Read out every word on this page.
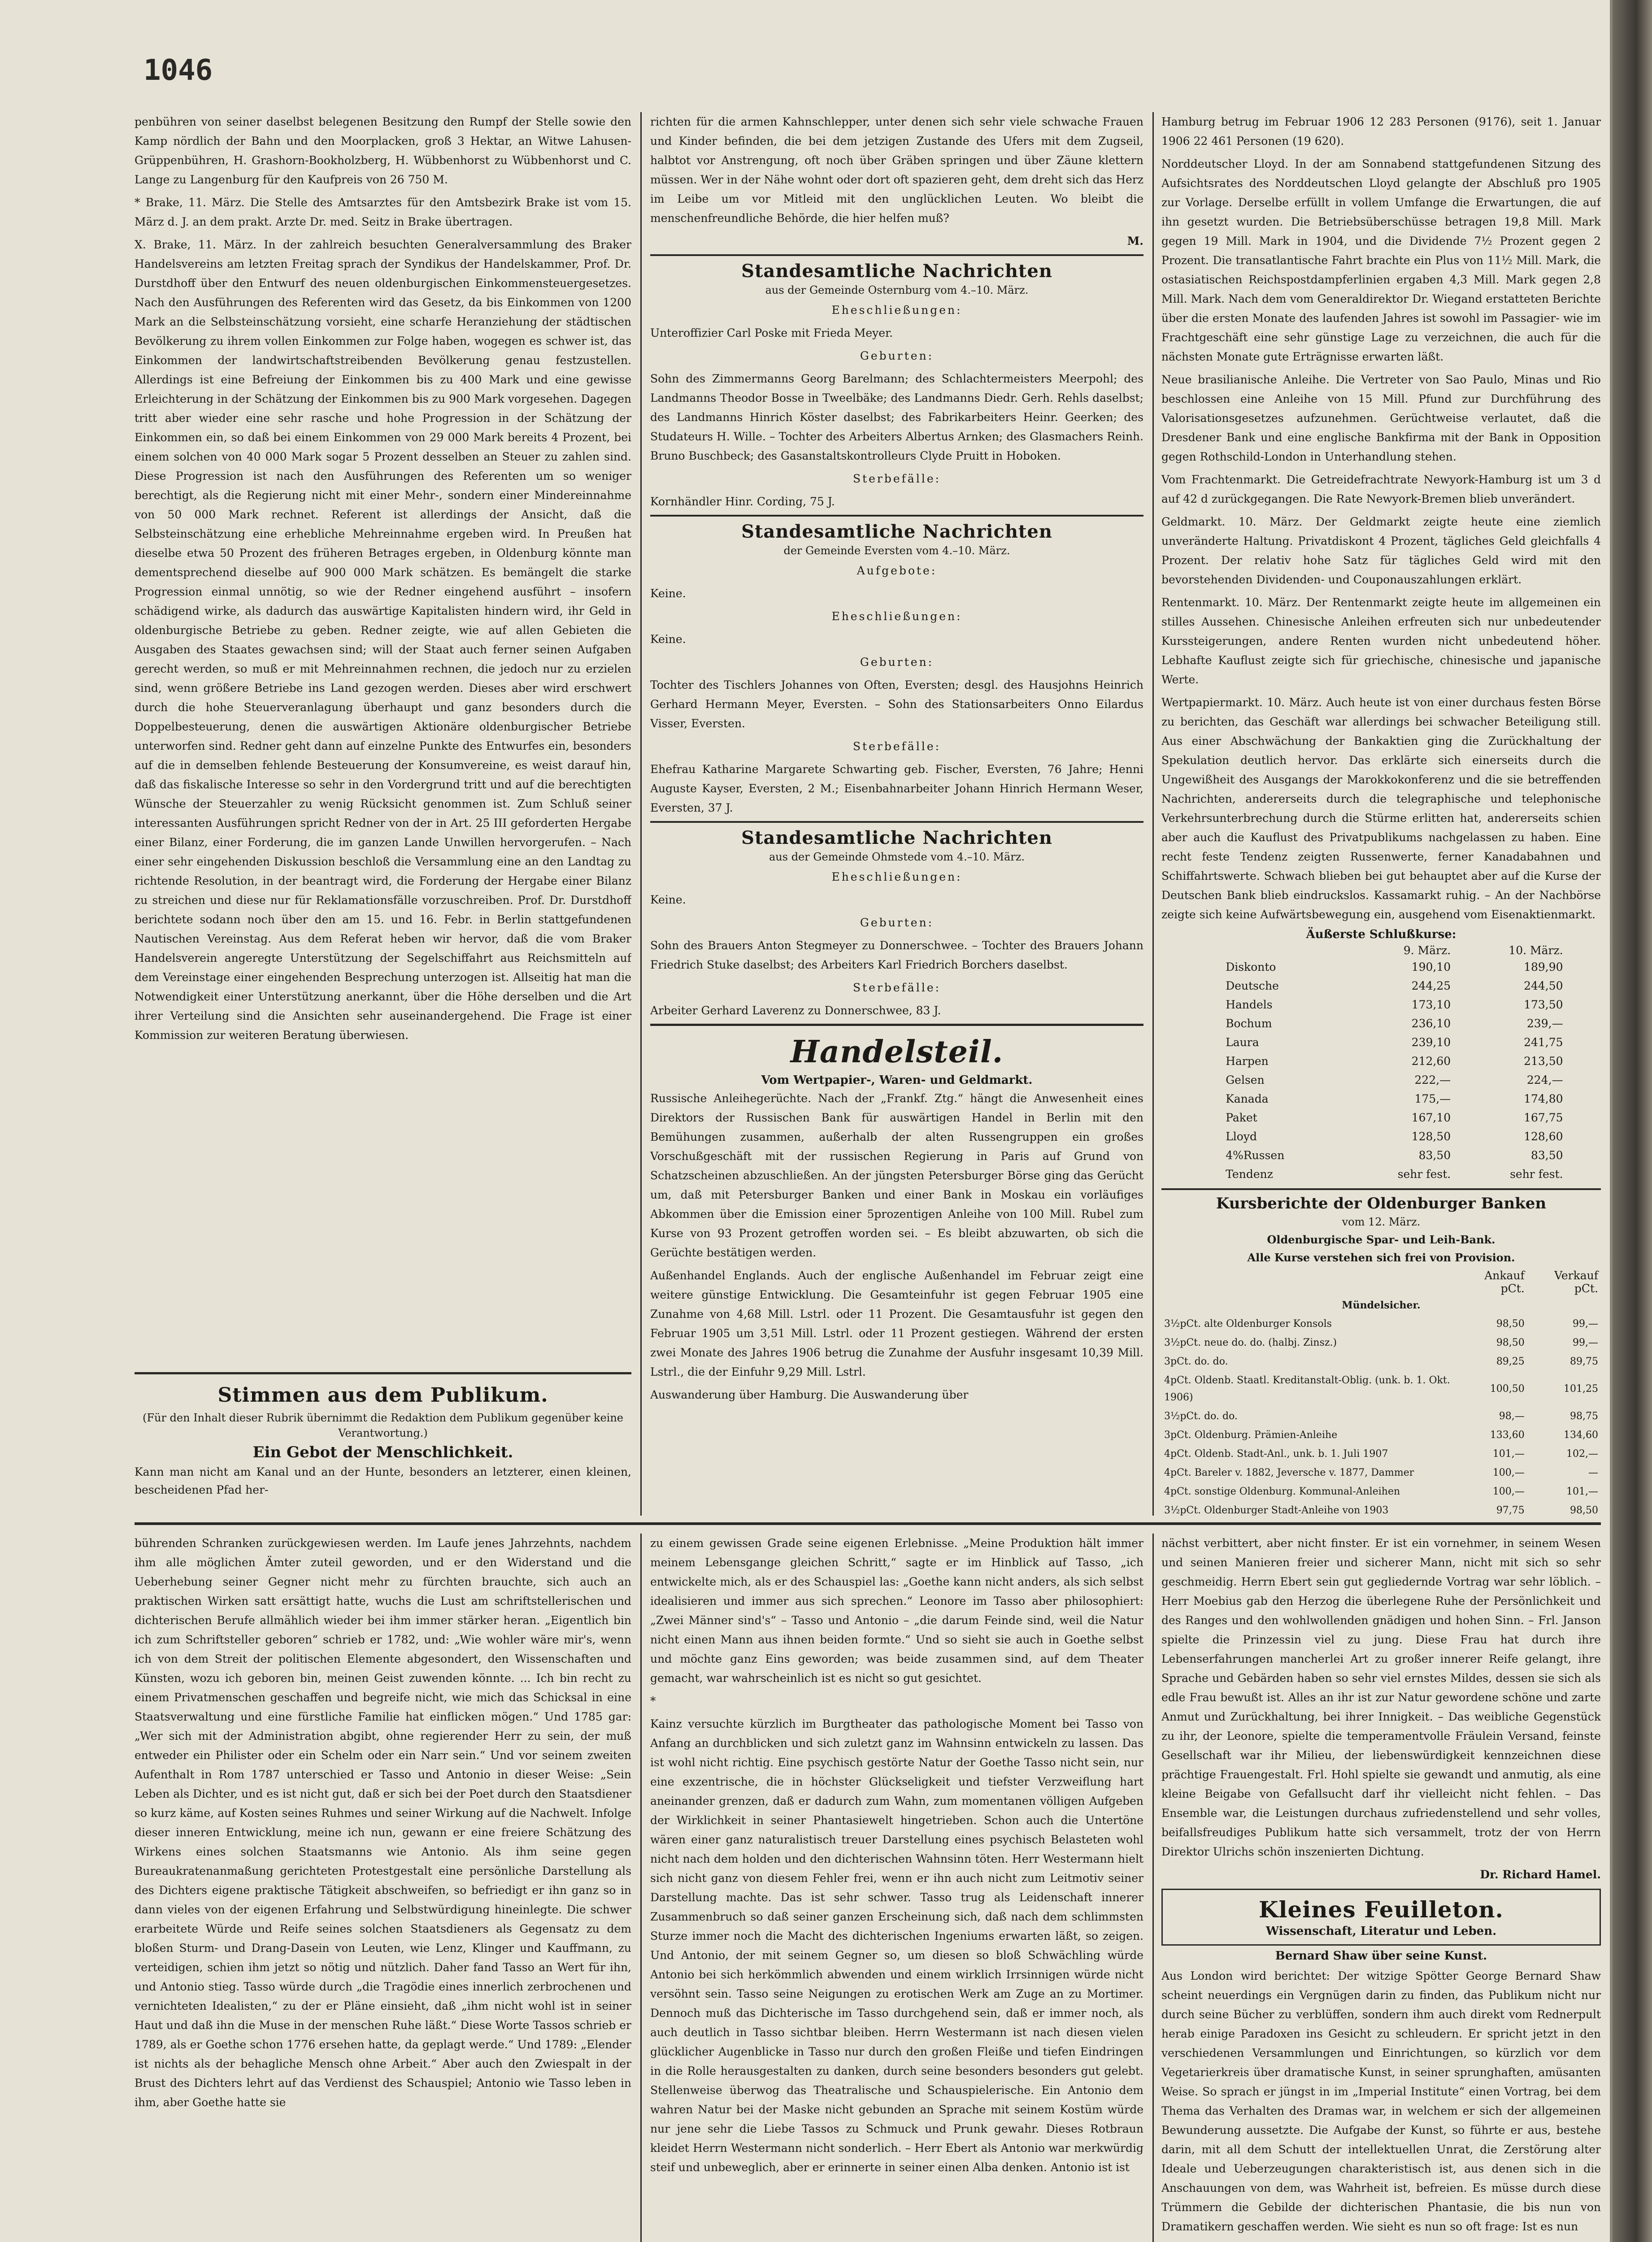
1046

penbühren von seiner daselbst belegenen Besitzung den Rumpf der Stelle sowie den Kamp nördlich der Bahn und den Moorplacken, groß 3 Hektar, an Witwe Lahusen-Grüppenbühren, H. Grashorn-Bookholzberg, H. Wübbenhorst zu Wübbenhorst und C. Lange zu Langenburg für den Kaufpreis von 26 750 M.

* Brake, 11. März. Die Stelle des Amtsarztes für den Amtsbezirk Brake ist vom 15. März d. J. an dem prakt. Arzte Dr. med. Seitz in Brake übertragen.

X. Brake, 11. März. In der zahlreich besuchten Generalversammlung des Braker Handelsvereins am letzten Freitag sprach der Syndikus der Handelskammer, Prof. Dr. Durstdhoff über den Entwurf des neuen oldenburgischen Einkommensteuergesetzes. Nach den Ausführungen des Referenten wird das Gesetz, da bis Einkommen von 1200 Mark an die Selbsteinschätzung vorsieht, eine scharfe Heranziehung der städtischen Bevölkerung zu ihrem vollen Einkommen zur Folge haben, wogegen es schwer ist, das Einkommen der landwirtschaftstreibenden Bevölkerung genau festzustellen. Allerdings ist eine Befreiung der Einkommen bis zu 400 Mark und eine gewisse Erleichterung in der Schätzung der Einkommen bis zu 900 Mark vorgesehen. Dagegen tritt aber wieder eine sehr rasche und hohe Progression in der Schätzung der Einkommen ein, so daß bei einem Einkommen von 29 000 Mark bereits 4 Prozent, bei einem solchen von 40 000 Mark sogar 5 Prozent desselben an Steuer zu zahlen sind. Diese Progression ist nach den Ausführungen des Referenten um so weniger berechtigt, als die Regierung nicht mit einer Mehr-, sondern einer Mindereinnahme von 50 000 Mark rechnet. Referent ist allerdings der Ansicht, daß die Selbsteinschätzung eine erhebliche Mehreinnahme ergeben wird. In Preußen hat dieselbe etwa 50 Prozent des früheren Betrages ergeben, in Oldenburg könnte man dementsprechend dieselbe auf 900 000 Mark schätzen. Es bemängelt die starke Progression einmal unnötig, so wie der Redner eingehend ausführt – insofern schädigend wirke, als dadurch das auswärtige Kapitalisten hindern wird, ihr Geld in oldenburgische Betriebe zu geben. Redner zeigte, wie auf allen Gebieten die Ausgaben des Staates gewachsen sind; will der Staat auch ferner seinen Aufgaben gerecht werden, so muß er mit Mehreinnahmen rechnen, die jedoch nur zu erzielen sind, wenn größere Betriebe ins Land gezogen werden. Dieses aber wird erschwert durch die hohe Steuerveranlagung überhaupt und ganz besonders durch die Doppelbesteuerung, denen die auswärtigen Aktionäre oldenburgischer Betriebe unterworfen sind. Redner geht dann auf einzelne Punkte des Entwurfes ein, besonders auf die in demselben fehlende Besteuerung der Konsumvereine, es weist darauf hin, daß das fiskalische Interesse so sehr in den Vordergrund tritt und auf die berechtigten Wünsche der Steuerzahler zu wenig Rücksicht genommen ist. Zum Schluß seiner interessanten Ausführungen spricht Redner von der in Art. 25 III geforderten Hergabe einer Bilanz, einer Forderung, die im ganzen Lande Unwillen hervorgerufen. – Nach einer sehr eingehenden Diskussion beschloß die Versammlung eine an den Landtag zu richtende Resolution, in der beantragt wird, die Forderung der Hergabe einer Bilanz zu streichen und diese nur für Reklamationsfälle vorzuschreiben. Prof. Dr. Durstdhoff berichtete sodann noch über den am 15. und 16. Febr. in Berlin stattgefundenen Nautischen Vereinstag. Aus dem Referat heben wir hervor, daß die vom Braker Handelsverein angeregte Unterstützung der Segelschiffahrt aus Reichsmitteln auf dem Vereinstage einer eingehenden Besprechung unterzogen ist. Allseitig hat man die Notwendigkeit einer Unterstützung anerkannt, über die Höhe derselben und die Art ihrer Verteilung sind die Ansichten sehr auseinandergehend. Die Frage ist einer Kommission zur weiteren Beratung überwiesen.

Stimmen aus dem Publikum.
(Für den Inhalt dieser Rubrik übernimmt die Redaktion dem Publikum gegenüber keine Verantwortung.)
Ein Gebot der Menschlichkeit.

Kann man nicht am Kanal und an der Hunte, besonders an letzterer, einen kleinen, bescheidenen Pfad her-

richten für die armen Kahnschlepper, unter denen sich sehr viele schwache Frauen und Kinder befinden, die bei dem jetzigen Zustande des Ufers mit dem Zugseil, halbtot vor Anstrengung, oft noch über Gräben springen und über Zäune klettern müssen. Wer in der Nähe wohnt oder dort oft spazieren geht, dem dreht sich das Herz im Leibe um vor Mitleid mit den unglücklichen Leuten. Wo bleibt die menschenfreundliche Behörde, die hier helfen muß?

M.

Standesamtliche Nachrichten
aus der Gemeinde Osternburg vom 4.–10. März.

Eheschließungen:

Unteroffizier Carl Poske mit Frieda Meyer.

Geburten:

Sohn des Zimmermanns Georg Barelmann; des Schlachtermeisters Meerpohl; des Landmanns Theodor Bosse in Tweelbäke; des Landmanns Diedr. Gerh. Rehls daselbst; des Landmanns Hinrich Köster daselbst; des Fabrikarbeiters Heinr. Geerken; des Studateurs H. Wille. – Tochter des Arbeiters Albertus Arnken; des Glasmachers Reinh. Bruno Buschbeck; des Gasanstaltskontrolleurs Clyde Pruitt in Hoboken.

Sterbefälle:

Kornhändler Hinr. Cording, 75 J.

Standesamtliche Nachrichten
der Gemeinde Eversten vom 4.–10. März.

Aufgebote:

Keine.

Eheschließungen:

Keine.

Geburten:

Tochter des Tischlers Johannes von Often, Eversten; desgl. des Hausjohns Heinrich Gerhard Hermann Meyer, Eversten. – Sohn des Stationsarbeiters Onno Eilardus Visser, Eversten.

Sterbefälle:

Ehefrau Katharine Margarete Schwarting geb. Fischer, Eversten, 76 Jahre; Henni Auguste Kayser, Eversten, 2 M.; Eisenbahnarbeiter Johann Hinrich Hermann Weser, Eversten, 37 J.

Standesamtliche Nachrichten
aus der Gemeinde Ohmstede vom 4.–10. März.

Eheschließungen:

Keine.

Geburten:

Sohn des Brauers Anton Stegmeyer zu Donnerschwee. – Tochter des Brauers Johann Friedrich Stuke daselbst; des Arbeiters Karl Friedrich Borchers daselbst.

Sterbefälle:

Arbeiter Gerhard Laverenz zu Donnerschwee, 83 J.

Handelsteil.
Vom Wertpapier-, Waren- und Geldmarkt.

Russische Anleihegerüchte. Nach der „Frankf. Ztg.“ hängt die Anwesenheit eines Direktors der Russischen Bank für auswärtigen Handel in Berlin mit den Bemühungen zusammen, außerhalb der alten Russengruppen ein großes Vorschußgeschäft mit der russischen Regierung in Paris auf Grund von Schatzscheinen abzuschließen. An der jüngsten Petersburger Börse ging das Gerücht um, daß mit Petersburger Banken und einer Bank in Moskau ein vorläufiges Abkommen über die Emission einer 5prozentigen Anleihe von 100 Mill. Rubel zum Kurse von 93 Prozent getroffen worden sei. – Es bleibt abzuwarten, ob sich die Gerüchte bestätigen werden.

Außenhandel Englands. Auch der englische Außenhandel im Februar zeigt eine weitere günstige Entwicklung. Die Gesamteinfuhr ist gegen Februar 1905 eine Zunahme von 4,68 Mill. Lstrl. oder 11 Prozent. Die Gesamtausfuhr ist gegen den Februar 1905 um 3,51 Mill. Lstrl. oder 11 Prozent gestiegen. Während der ersten zwei Monate des Jahres 1906 betrug die Zunahme der Ausfuhr insgesamt 10,39 Mill. Lstrl., die der Einfuhr 9,29 Mill. Lstrl.

Auswanderung über Hamburg. Die Auswanderung über

Hamburg betrug im Februar 1906 12 283 Personen (9176), seit 1. Januar 1906 22 461 Personen (19 620).

Norddeutscher Lloyd. In der am Sonnabend stattgefundenen Sitzung des Aufsichtsrates des Norddeutschen Lloyd gelangte der Abschluß pro 1905 zur Vorlage. Derselbe erfüllt in vollem Umfange die Erwartungen, die auf ihn gesetzt wurden. Die Betriebsüberschüsse betragen 19,8 Mill. Mark gegen 19 Mill. Mark in 1904, und die Dividende 7½ Prozent gegen 2 Prozent. Die transatlantische Fahrt brachte ein Plus von 11½ Mill. Mark, die ostasiatischen Reichspostdampferlinien ergaben 4,3 Mill. Mark gegen 2,8 Mill. Mark. Nach dem vom Generaldirektor Dr. Wiegand erstatteten Berichte über die ersten Monate des laufenden Jahres ist sowohl im Passagier- wie im Frachtgeschäft eine sehr günstige Lage zu verzeichnen, die auch für die nächsten Monate gute Erträgnisse erwarten läßt.

Neue brasilianische Anleihe. Die Vertreter von Sao Paulo, Minas und Rio beschlossen eine Anleihe von 15 Mill. Pfund zur Durchführung des Valorisationsgesetzes aufzunehmen. Gerüchtweise verlautet, daß die Dresdener Bank und eine englische Bankfirma mit der Bank in Opposition gegen Rothschild-London in Unterhandlung stehen.

Vom Frachtenmarkt. Die Getreidefrachtrate Newyork-Hamburg ist um 3 d auf 42 d zurückgegangen. Die Rate Newyork-Bremen blieb unverändert.

Geldmarkt. 10. März. Der Geldmarkt zeigte heute eine ziemlich unveränderte Haltung. Privatdiskont 4 Prozent, tägliches Geld gleichfalls 4 Prozent. Der relativ hohe Satz für tägliches Geld wird mit den bevorstehenden Dividenden- und Couponauszahlungen erklärt.

Rentenmarkt. 10. März. Der Rentenmarkt zeigte heute im allgemeinen ein stilles Aussehen. Chinesische Anleihen erfreuten sich nur unbedeutender Kurssteigerungen, andere Renten wurden nicht unbedeutend höher. Lebhafte Kauflust zeigte sich für griechische, chinesische und japanische Werte.

Wertpapiermarkt. 10. März. Auch heute ist von einer durchaus festen Börse zu berichten, das Geschäft war allerdings bei schwacher Beteiligung still. Aus einer Abschwächung der Bankaktien ging die Zurückhaltung der Spekulation deutlich hervor. Das erklärte sich einerseits durch die Ungewißheit des Ausgangs der Marokkokonferenz und die sie betreffenden Nachrichten, andererseits durch die telegraphische und telephonische Verkehrsunterbrechung durch die Stürme erlitten hat, andererseits schien aber auch die Kauflust des Privatpublikums nachgelassen zu haben. Eine recht feste Tendenz zeigten Russenwerte, ferner Kanadabahnen und Schiffahrtswerte. Schwach blieben bei gut behauptet aber auf die Kurse der Deutschen Bank blieb eindruckslos. Kassamarkt ruhig. – An der Nachbörse zeigte sich keine Aufwärtsbewegung ein, ausgehend vom Eisenaktienmarkt.

Äußerste Schlußkurse:
	9. März.	10. März.
Diskonto	190,10	189,90
Deutsche	244,25	244,50
Handels	173,10	173,50
Bochum	236,10	239,—
Laura	239,10	241,75
Harpen	212,60	213,50
Gelsen	222,—	224,—
Kanada	175,—	174,80
Paket	167,10	167,75
Lloyd	128,50	128,60
4%Russen	83,50	83,50
Tendenz	sehr fest.	sehr fest.
Kursberichte der Oldenburger Banken
vom 12. März.
Oldenburgische Spar- und Leih-Bank.
Alle Kurse verstehen sich frei von Provision.
	Ankauf pCt.	Verkauf pCt.
Mündelsicher.		
3½pCt. alte Oldenburger Konsols	98,50	99,—
3½pCt. neue do. do. (halbj. Zinsz.)	98,50	99,—
3pCt. do. do.	89,25	89,75
4pCt. Oldenb. Staatl. Kreditanstalt-Oblig. (unk. b. 1. Okt. 1906)	100,50	101,25
3½pCt. do. do.	98,—	98,75
3pCt. Oldenburg. Prämien-Anleihe	133,60	134,60
4pCt. Oldenb. Stadt-Anl., unk. b. 1. Juli 1907	101,—	102,—
4pCt. Bareler v. 1882, Jeversche v. 1877, Dammer	100,—	—
4pCt. sonstige Oldenburg. Kommunal-Anleihen	100,—	101,—
3½pCt. Oldenburger Stadt-Anleihe von 1903	97,75	98,50

bührenden Schranken zurückgewiesen werden. Im Laufe jenes Jahrzehnts, nachdem ihm alle möglichen Ämter zuteil geworden, und er den Widerstand und die Ueberhebung seiner Gegner nicht mehr zu fürchten brauchte, sich auch an praktischen Wirken satt ersättigt hatte, wuchs die Lust am schriftstellerischen und dichterischen Berufe allmählich wieder bei ihm immer stärker heran. „Eigentlich bin ich zum Schriftsteller geboren“ schrieb er 1782, und: „Wie wohler wäre mir's, wenn ich von dem Streit der politischen Elemente abgesondert, den Wissenschaften und Künsten, wozu ich geboren bin, meinen Geist zuwenden könnte. ... Ich bin recht zu einem Privatmenschen geschaffen und begreife nicht, wie mich das Schicksal in eine Staatsverwaltung und eine fürstliche Familie hat einflicken mögen.“ Und 1785 gar: „Wer sich mit der Administration abgibt, ohne regierender Herr zu sein, der muß entweder ein Philister oder ein Schelm oder ein Narr sein.“ Und vor seinem zweiten Aufenthalt in Rom 1787 unterschied er Tasso und Antonio in dieser Weise: „Sein Leben als Dichter, und es ist nicht gut, daß er sich bei der Poet durch den Staatsdiener so kurz käme, auf Kosten seines Ruhmes und seiner Wirkung auf die Nachwelt. Infolge dieser inneren Entwicklung, meine ich nun, gewann er eine freiere Schätzung des Wirkens eines solchen Staatsmanns wie Antonio. Als ihm seine gegen Bureaukratenanmaßung gerichteten Protestgestalt eine persönliche Darstellung als des Dichters eigene praktische Tätigkeit abschweifen, so befriedigt er ihn ganz so in dann vieles von der eigenen Erfahrung und Selbstwürdigung hineinlegte. Die schwer erarbeitete Würde und Reife seines solchen Staatsdieners als Gegensatz zu dem bloßen Sturm- und Drang-Dasein von Leuten, wie Lenz, Klinger und Kauffmann, zu verteidigen, schien ihm jetzt so nötig und nützlich. Daher fand Tasso an Wert für ihn, und Antonio stieg. Tasso würde durch „die Tragödie eines innerlich zerbrochenen und vernichteten Idealisten,“ zu der er Pläne einsieht, daß „ihm nicht wohl ist in seiner Haut und daß ihn die Muse in der menschen Ruhe läßt.“ Diese Worte Tassos schrieb er 1789, als er Goethe schon 1776 ersehen hatte, da geplagt werde.“ Und 1789: „Elender ist nichts als der behagliche Mensch ohne Arbeit.“ Aber auch den Zwiespalt in der Brust des Dichters lehrt auf das Verdienst des Schauspiel; Antonio wie Tasso leben in ihm, aber Goethe hatte sie

zu einem gewissen Grade seine eigenen Erlebnisse. „Meine Produktion hält immer meinem Lebensgange gleichen Schritt,“ sagte er im Hinblick auf Tasso, „ich entwickelte mich, als er des Schauspiel las: „Goethe kann nicht anders, als sich selbst idealisieren und immer aus sich sprechen.“ Leonore im Tasso aber philosophiert: „Zwei Männer sind's“ – Tasso und Antonio – „die darum Feinde sind, weil die Natur nicht einen Mann aus ihnen beiden formte.“ Und so sieht sie auch in Goethe selbst und möchte ganz Eins geworden; was beide zusammen sind, auf dem Theater gemacht, war wahrscheinlich ist es nicht so gut gesichtet.

*

Kainz versuchte kürzlich im Burgtheater das pathologische Moment bei Tasso von Anfang an durchblicken und sich zuletzt ganz im Wahnsinn entwickeln zu lassen. Das ist wohl nicht richtig. Eine psychisch gestörte Natur der Goethe Tasso nicht sein, nur eine exzentrische, die in höchster Glückseligkeit und tiefster Verzweiflung hart aneinander grenzen, daß er dadurch zum Wahn, zum momentanen völligen Aufgeben der Wirklichkeit in seiner Phantasiewelt hingetrieben. Schon auch die Untertöne wären einer ganz naturalistisch treuer Darstellung eines psychisch Belasteten wohl nicht nach dem holden und den dichterischen Wahnsinn töten. Herr Westermann hielt sich nicht ganz von diesem Fehler frei, wenn er ihn auch nicht zum Leitmotiv seiner Darstellung machte. Das ist sehr schwer. Tasso trug als Leidenschaft innerer Zusammenbruch so daß seiner ganzen Erscheinung sich, daß nach dem schlimmsten Sturze immer noch die Macht des dichterischen Ingeniums erwarten läßt, so zeigen. Und Antonio, der mit seinem Gegner so, um diesen so bloß Schwächling würde Antonio bei sich herkömmlich abwenden und einem wirklich Irrsinnigen würde nicht versöhnt sein. Tasso seine Neigungen zu erotischen Werk am Zuge an zu Mortimer. Dennoch muß das Dichterische im Tasso durchgehend sein, daß er immer noch, als auch deutlich in Tasso sichtbar bleiben. Herrn Westermann ist nach diesen vielen glücklicher Augenblicke in Tasso nur durch den großen Fleiße und tiefen Eindringen in die Rolle herausgestalten zu danken, durch seine besonders besonders gut gelebt. Stellenweise überwog das Theatralische und Schauspielerische. Ein Antonio dem wahren Natur bei der Maske nicht gebunden an Sprache mit seinem Kostüm würde nur jene sehr die Liebe Tassos zu Schmuck und Prunk gewahr. Dieses Rotbraun kleidet Herrn Westermann nicht sonderlich. – Herr Ebert als Antonio war merkwürdig steif und unbeweglich, aber er erinnerte in seiner einen Alba denken. Antonio ist ist

nächst verbittert, aber nicht finster. Er ist ein vornehmer, in seinem Wesen und seinen Manieren freier und sicherer Mann, nicht mit sich so sehr geschmeidig. Herrn Ebert sein gut gegliedernde Vortrag war sehr löblich. – Herr Moebius gab den Herzog die überlegene Ruhe der Persönlichkeit und des Ranges und den wohlwollenden gnädigen und hohen Sinn. – Frl. Janson spielte die Prinzessin viel zu jung. Diese Frau hat durch ihre Lebenserfahrungen mancherlei Art zu großer innerer Reife gelangt, ihre Sprache und Gebärden haben so sehr viel ernstes Mildes, dessen sie sich als edle Frau bewußt ist. Alles an ihr ist zur Natur gewordene schöne und zarte Anmut und Zurückhaltung, bei ihrer Innigkeit. – Das weibliche Gegenstück zu ihr, der Leonore, spielte die temperamentvolle Fräulein Versand, feinste Gesellschaft war ihr Milieu, der liebenswürdigkeit kennzeichnen diese prächtige Frauengestalt. Frl. Hohl spielte sie gewandt und anmutig, als eine kleine Beigabe von Gefallsucht darf ihr vielleicht nicht fehlen. – Das Ensemble war, die Leistungen durchaus zufriedenstellend und sehr volles, beifallsfreudiges Publikum hatte sich versammelt, trotz der von Herrn Direktor Ulrichs schön inszenierten Dichtung.

Dr. Richard Hamel.

Kleines Feuilleton.
Wissenschaft, Literatur und Leben.
Bernard Shaw über seine Kunst.

Aus London wird berichtet: Der witzige Spötter George Bernard Shaw scheint neuerdings ein Vergnügen darin zu finden, das Publikum nicht nur durch seine Bücher zu verblüffen, sondern ihm auch direkt vom Rednerpult herab einige Paradoxen ins Gesicht zu schleudern. Er spricht jetzt in den verschiedenen Versammlungen und Einrichtungen, so kürzlich vor dem Vegetarierkreis über dramatische Kunst, in seiner sprunghaften, amüsanten Weise. So sprach er jüngst in im „Imperial Institute“ einen Vortrag, bei dem Thema das Verhalten des Dramas war, in welchem er sich der allgemeinen Bewunderung aussetzte. Die Aufgabe der Kunst, so führte er aus, bestehe darin, mit all dem Schutt der intellektuellen Unrat, die Zerstörung alter Ideale und Ueberzeugungen charakteristisch ist, aus denen sich in die Anschauungen von dem, was Wahrheit ist, befreien. Es müsse durch diese Trümmern die Gebilde der dichterischen Phantasie, die bis nun von Dramatikern geschaffen werden. Wie sieht es nun so oft frage: Ist es nun
